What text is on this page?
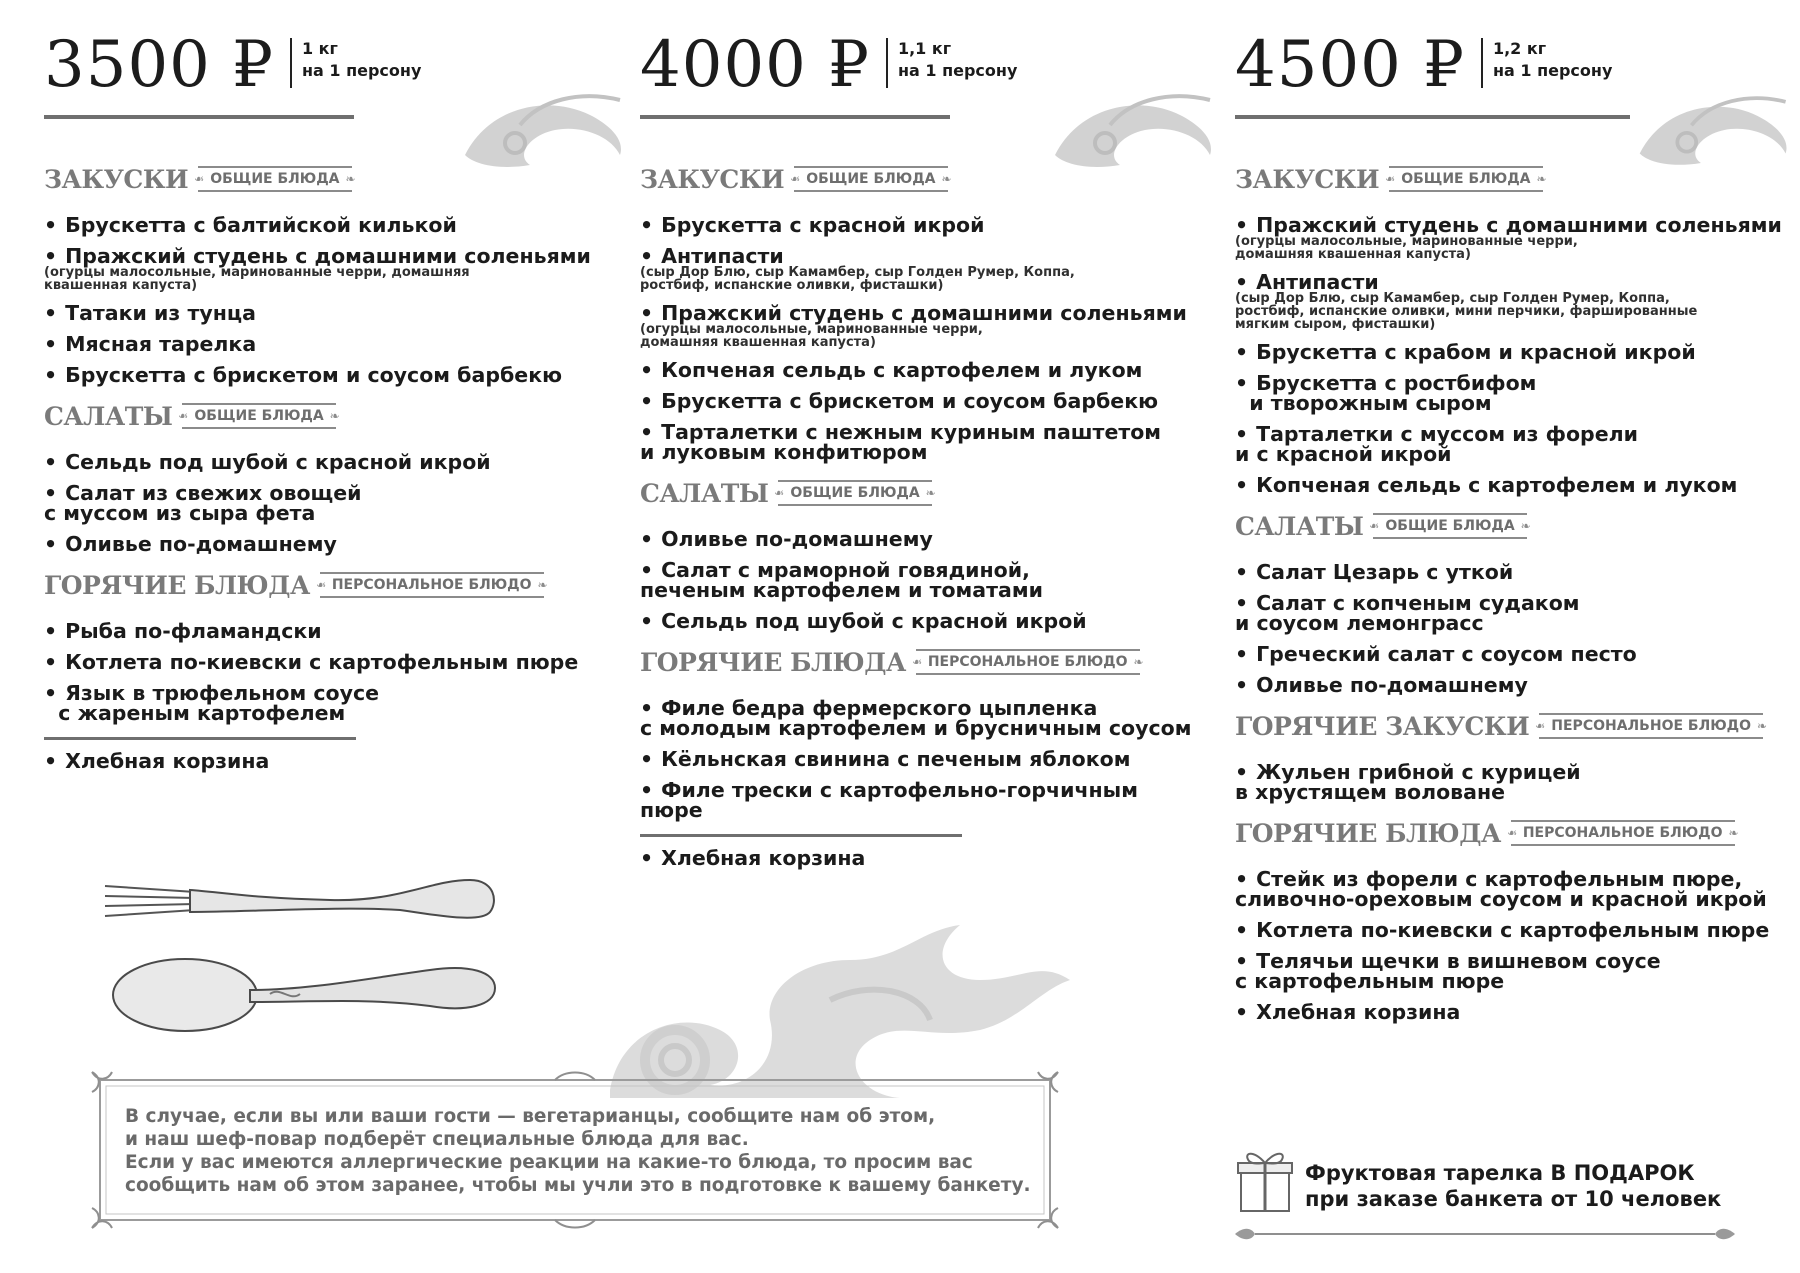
3500 ₽ 1 кг
на 1 персону
ЗАКУСКИ	❧ ОБЩИЕ БЛЮДА ❧
• Брускетта с балтийской килькой
• Пражский студень с домашними соленьями
(огурцы малосольные, маринованные черри, домашняя
квашенная капуста)
• Татаки из тунца
• Мясная тарелка
• Брускетта с брискетом и соусом барбекю
САЛАТЫ	❧ ОБЩИЕ БЛЮДА ❧
• Сельдь под шубой с красной икрой
• Салат из свежих овощей
с муссом из сыра фета
• Оливье по-домашнему
ГОРЯЧИЕ БЛЮДА	❧ ПЕРСОНАЛЬНОЕ БЛЮДО ❧
• Рыба по-фламандски
• Котлета по-киевски с картофельным пюре
• Язык в трюфельном соусе
с жареным картофелем
• Хлебная корзина
4000 ₽ 1,1 кг
на 1 персону
ЗАКУСКИ	❧ ОБЩИЕ БЛЮДА ❧
• Брускетта с красной икрой
• Антипасти
(сыр Дор Блю, сыр Камамбер, сыр Голден Румер, Коппа,
ростбиф, испанские оливки, фисташки)
• Пражский студень с домашними соленьями
(огурцы малосольные, маринованные черри,
домашняя квашенная капуста)
• Копченая сельдь с картофелем и луком
• Брускетта с брискетом и соусом барбекю
• Тарталетки с нежным куриным паштетом
и луковым конфитюром
САЛАТЫ	❧ ОБЩИЕ БЛЮДА ❧
• Оливье по-домашнему
• Салат с мраморной говядиной,
печеным картофелем и томатами
• Сельдь под шубой с красной икрой
ГОРЯЧИЕ БЛЮДА	❧ ПЕРСОНАЛЬНОЕ БЛЮДО ❧
• Филе бедра фермерского цыпленка
с молодым картофелем и брусничным соусом
• Кёльнская свинина с печеным яблоком
• Филе трески с картофельно-горчичным
пюре
• Хлебная корзина
4500 ₽ 1,2 кг
на 1 персону
ЗАКУСКИ	❧ ОБЩИЕ БЛЮДА ❧
• Пражский студень с домашними соленьями
(огурцы малосольные, маринованные черри,
домашняя квашенная капуста)
• Антипасти
(сыр Дор Блю, сыр Камамбер, сыр Голден Румер, Коппа,
ростбиф, испанские оливки, мини перчики, фаршированные
мягким сыром, фисташки)
• Брускетта с крабом и красной икрой
• Брускетта с ростбифом
и творожным сыром
• Тарталетки с муссом из форели
и с красной икрой
• Копченая сельдь с картофелем и луком
САЛАТЫ	❧ ОБЩИЕ БЛЮДА ❧
• Салат Цезарь с уткой
• Салат с копченым судаком
и соусом лемонграсс
• Греческий салат с соусом песто
• Оливье по-домашнему
ГОРЯЧИЕ ЗАКУСКИ	❧ ПЕРСОНАЛЬНОЕ БЛЮДО ❧
• Жульен грибной с курицей
в хрустящем воловане
ГОРЯЧИЕ БЛЮДА	❧ ПЕРСОНАЛЬНОЕ БЛЮДО ❧
• Стейк из форели с картофельным пюре,
сливочно-ореховым соусом и красной икрой
• Котлета по-киевски с картофельным пюре
• Телячьи щечки в вишневом соусе
с картофельным пюре
• Хлебная корзина
В случае, если вы или ваши гости — вегетарианцы, сообщите нам об этом,
и наш шеф-повар подберёт специальные блюда для вас.
Если у вас имеются аллергические реакции на какие-то блюда, то просим вас
сообщить нам об этом заранее, чтобы мы учли это в подготовке к вашему банкету.
Фруктовая тарелка В ПОДАРОК
при заказе банкета от 10 человек
